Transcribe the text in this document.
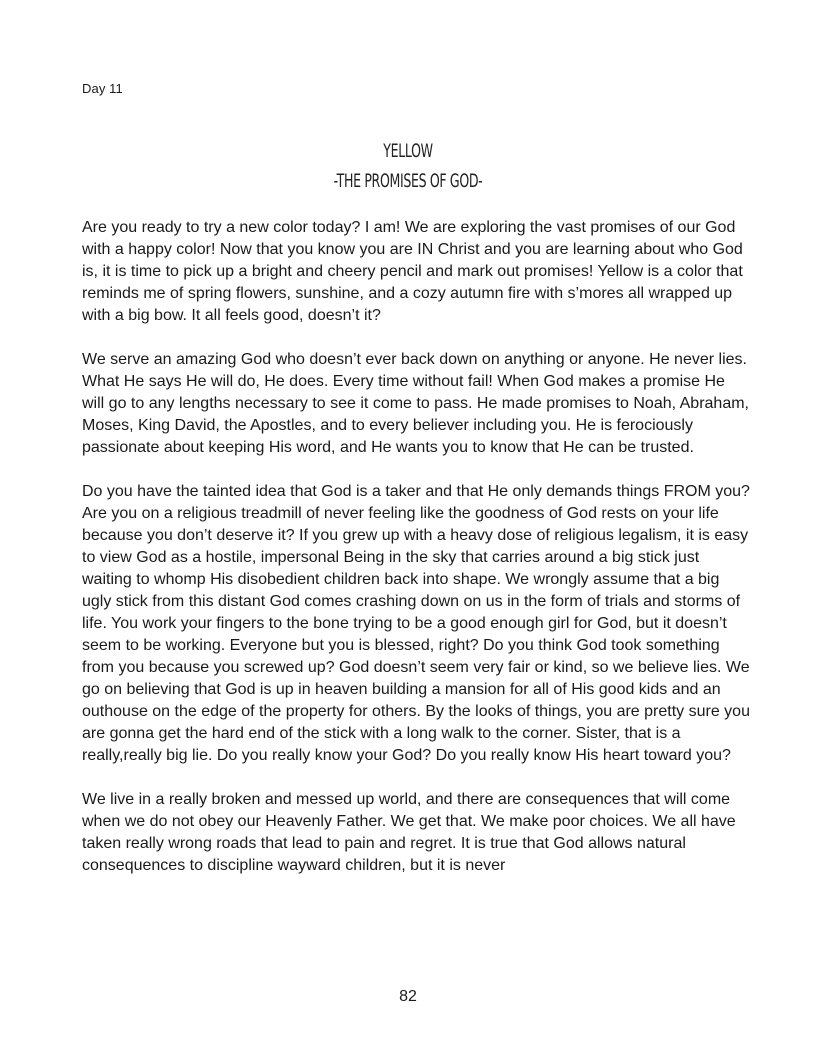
Day 11
YELLOW
-THE PROMISES OF GOD-

Are you ready to try a new color today? I am! We are exploring the vast promises of our God with a happy color! Now that you know you are IN Christ and you are learning about who God is, it is time to pick up a bright and cheery pencil and mark out promises! Yellow is a color that reminds me of spring flowers, sunshine, and a cozy autumn fire with s’mores all wrapped up with a big bow. It all feels good, doesn’t it?

We serve an amazing God who doesn’t ever back down on anything or anyone. He never lies. What He says He will do, He does. Every time without fail! When God makes a promise He will go to any lengths necessary to see it come to pass. He made promises to Noah, Abraham, Moses, King David, the Apostles, and to every believer including you. He is ferociously passionate about keeping His word, and He wants you to know that He can be trusted.

Do you have the tainted idea that God is a taker and that He only demands things FROM you? Are you on a religious treadmill of never feeling like the goodness of God rests on your life because you don’t deserve it? If you grew up with a heavy dose of religious legalism, it is easy to view God as a hostile, impersonal Being in the sky that carries around a big stick just waiting to whomp His disobedient children back into shape. We wrongly assume that a big ugly stick from this distant God comes crashing down on us in the form of trials and storms of life. You work your fingers to the bone trying to be a good enough girl for God, but it doesn’t seem to be working. Everyone but you is blessed, right? Do you think God took something from you because you screwed up? God doesn’t seem very fair or kind, so we believe lies. We go on believing that God is up in heaven building a mansion for all of His good kids and an outhouse on the edge of the property for others. By the looks of things, you are pretty sure you are gonna get the hard end of the stick with a long walk to the corner. Sister, that is a really,really big lie. Do you really know your God? Do you really know His heart toward you?

We live in a really broken and messed up world, and there are consequences that will come when we do not obey our Heavenly Father. We get that. We make poor choices. We all have taken really wrong roads that lead to pain and regret. It is true that God allows natural consequences to discipline wayward children, but it is never

82
